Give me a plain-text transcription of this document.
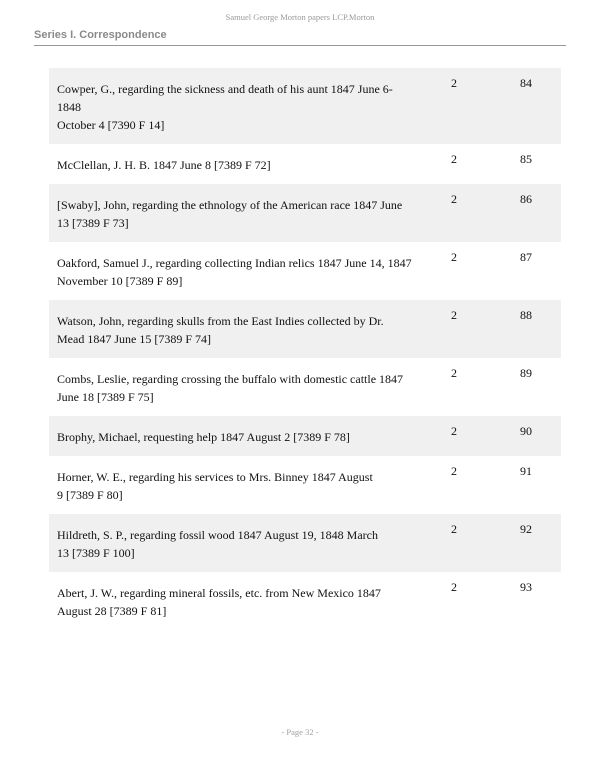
Samuel George Morton papers LCP.Morton
Series I. Correspondence
Cowper, G., regarding the sickness and death of his aunt 1847 June 6-1848
October 4 [7390 F 14]
2	84
McClellan, J. H. B. 1847 June 8 [7389 F 72]	2	85
[Swaby], John, regarding the ethnology of the American race 1847 June
13 [7389 F 73]
2	86
Oakford, Samuel J., regarding collecting Indian relics 1847 June 14, 1847
November 10 [7389 F 89]
2	87
Watson, John, regarding skulls from the East Indies collected by Dr.
Mead 1847 June 15 [7389 F 74]
2	88
Combs, Leslie, regarding crossing the buffalo with domestic cattle 1847
June 18 [7389 F 75]
2	89
Brophy, Michael, requesting help 1847 August 2 [7389 F 78]	2	90
Horner, W. E., regarding his services to Mrs. Binney 1847 August
9 [7389 F 80]
2	91
Hildreth, S. P., regarding fossil wood 1847 August 19, 1848 March
13 [7389 F 100]
2	92
Abert, J. W., regarding mineral fossils, etc. from New Mexico 1847
August 28 [7389 F 81]
2	93
- Page 32 -
